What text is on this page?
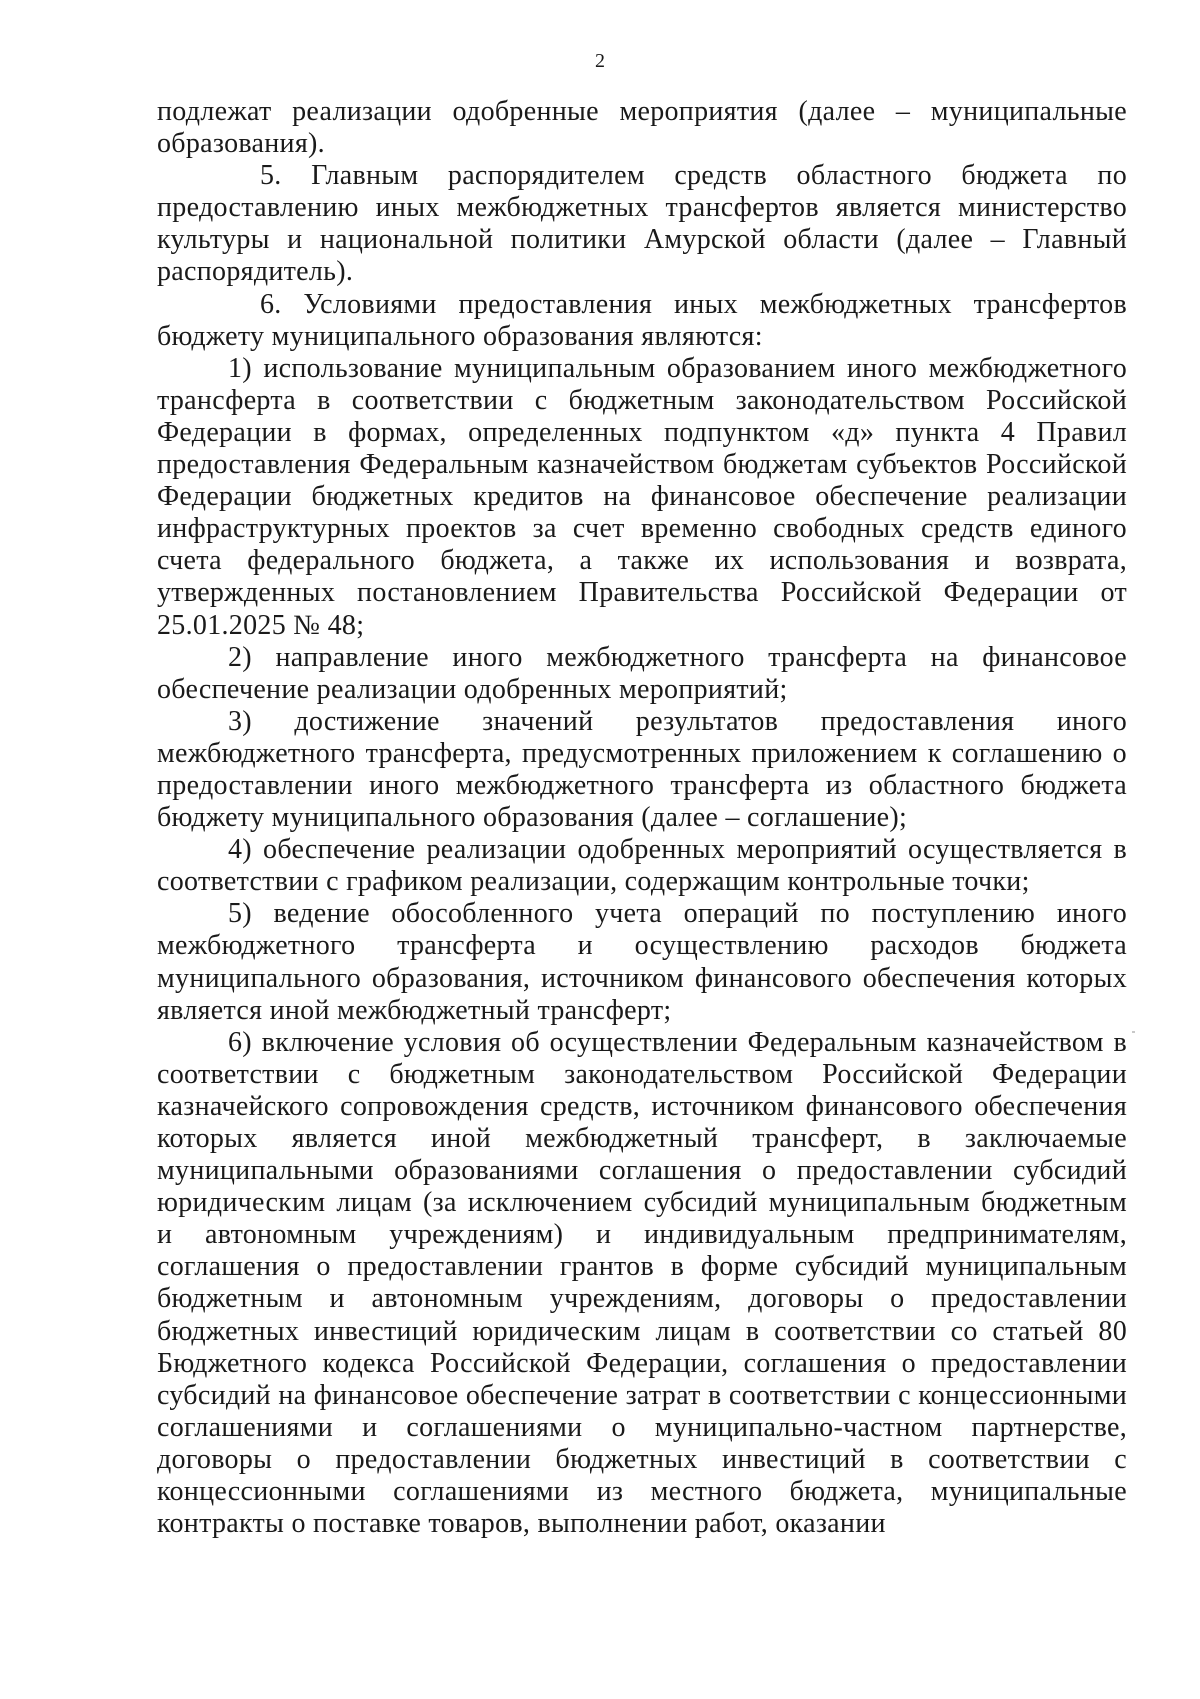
2

подлежат реализации одобренные мероприятия (далее – муниципальные образования).

5. Главным распорядителем средств областного бюджета по предоставлению иных межбюджетных трансфертов является министерство культуры и национальной политики Амурской области (далее – Главный распорядитель).

6. Условиями предоставления иных межбюджетных трансфертов бюджету муниципального образования являются:

1) использование муниципальным образованием иного межбюджетного трансферта в соответствии с бюджетным законодательством Российской Федерации в формах, определенных подпунктом «д» пункта 4 Правил предоставления Федеральным казначейством бюджетам субъектов Российской Федерации бюджетных кредитов на финансовое обеспечение реализации инфраструктурных проектов за счет временно свободных средств единого счета федерального бюджета, а также их использования и возврата, утвержденных постановлением Правительства Российской Федерации от 25.01.2025 № 48;

2) направление иного межбюджетного трансферта на финансовое обеспечение реализации одобренных мероприятий;

3) достижение значений результатов предоставления иного межбюджетного трансферта, предусмотренных приложением к соглашению о предоставлении иного межбюджетного трансферта из областного бюджета бюджету муниципального образования (далее – соглашение);

4) обеспечение реализации одобренных мероприятий осуществляется в соответствии с графиком реализации, содержащим контрольные точки;

5) ведение обособленного учета операций по поступлению иного межбюджетного трансферта и осуществлению расходов бюджета муниципального образования, источником финансового обеспечения которых является иной межбюджетный трансферт;

6) включение условия об осуществлении Федеральным казначейством в соответствии с бюджетным законодательством Российской Федерации казначейского сопровождения средств, источником финансового обеспечения которых является иной межбюджетный трансферт, в заключаемые муниципальными образованиями соглашения о предоставлении субсидий юридическим лицам (за исключением субсидий муниципальным бюджетным и автономным учреждениям) и индивидуальным предпринимателям, соглашения о предоставлении грантов в форме субсидий муниципальным бюджетным и автономным учреждениям, договоры о предоставлении бюджетных инвестиций юридическим лицам в соответствии со статьей 80 Бюджетного кодекса Российской Федерации, соглашения о предоставлении субсидий на финансовое обеспечение затрат в соответствии с концессионными соглашениями и соглашениями о муниципально-частном партнерстве, договоры о предоставлении бюджетных инвестиций в соответствии с концессионными соглашениями из местного бюджета, муниципальные контракты о поставке товаров, выполнении работ, оказании
